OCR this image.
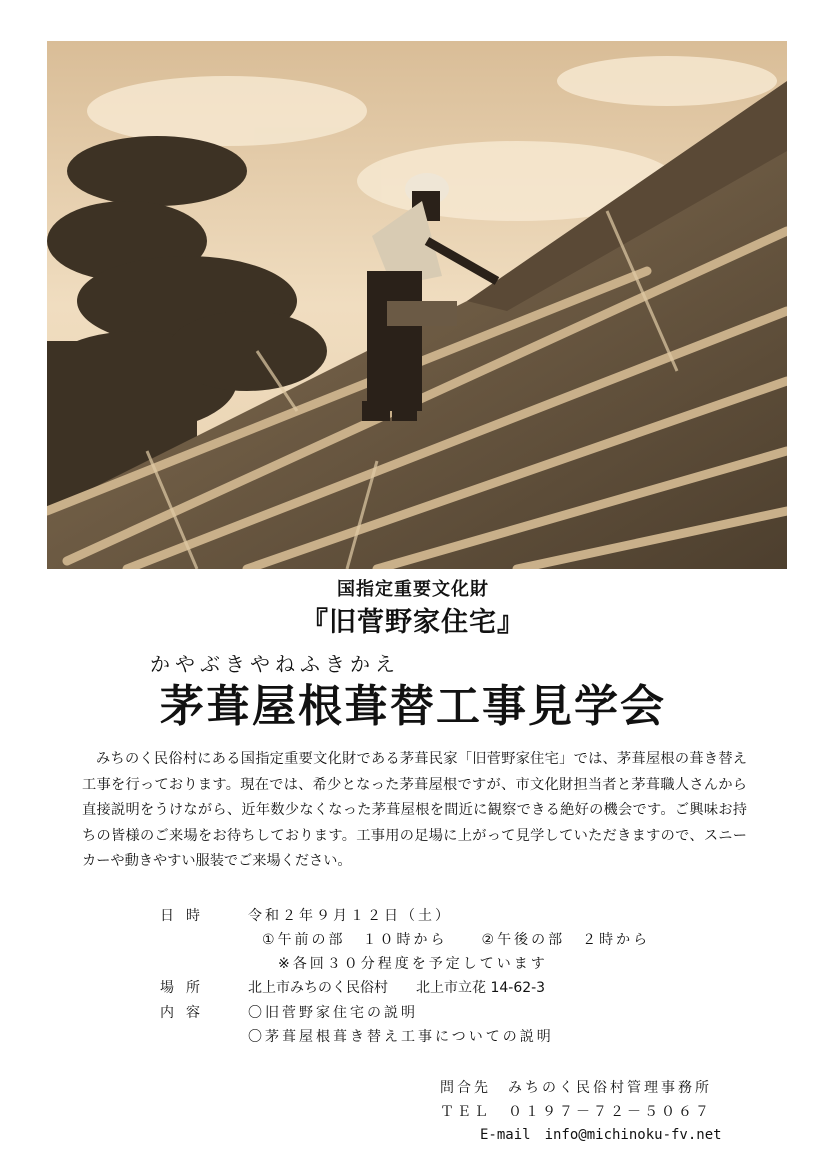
国指定重要文化財
『旧菅野家住宅』
かやぶきやねふきかえ
茅葺屋根葺替工事見学会
みちのく民俗村にある国指定重要文化財である茅葺民家「旧菅野家住宅」では、茅葺屋根の葺き替え工事を行っております。現在では、希少となった茅葺屋根ですが、市文化財担当者と茅葺職人さんから直接説明をうけながら、近年数少なくなった茅葺屋根を間近に観察できる絶好の機会です。ご興味お持ちの皆様のご来場をお待ちしております。工事用の足場に上がって見学していただきますので、スニーカーや動きやすい服装でご来場ください。
日時	令和２年９月１２日（土）
①午前の部　１０時から　　②午後の部　２時から
※各回３０分程度を予定しています
場所	北上市みちのく民俗村　　北上市立花 14-62-3
内容	〇旧菅野家住宅の説明
〇茅葺屋根葺き替え工事についての説明
問合先　みちのく民俗村管理事務所
ＴＥＬ　０１９７－７２－５０６７
E-mail　info@michinoku-fv.net
